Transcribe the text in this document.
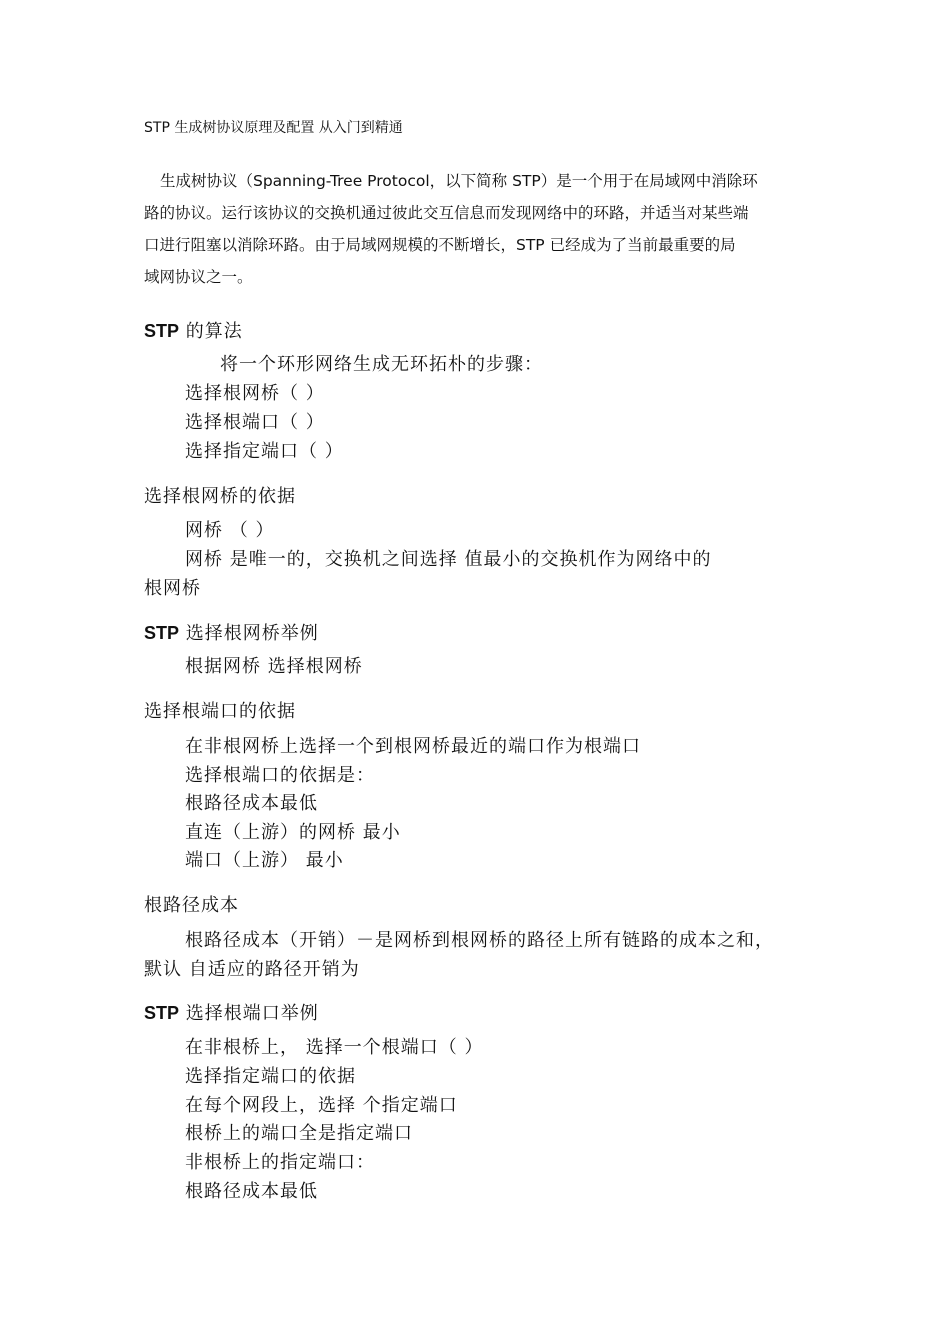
STP 生成树协议原理及配置 从入门到精通
生成树协议（Spanning-Tree Protocol，以下简称 STP）是一个用于在局域网中消除环
路的协议。运行该协议的交换机通过彼此交互信息而发现网络中的环路，并适当对某些端
口进行阻塞以消除环路。由于局域网规模的不断增长，STP 已经成为了当前最重要的局
域网协议之一。
STP 的算法
将一个环形网络生成无环拓朴的步骤：
选择根网桥（ ）
选择根端口（ ）
选择指定端口（ ）
选择根网桥的依据
网桥 （ ）
网桥 是唯一的，交换机之间选择 值最小的交换机作为网络中的
根网桥
STP 选择根网桥举例
根据网桥 选择根网桥
选择根端口的依据
在非根网桥上选择一个到根网桥最近的端口作为根端口
选择根端口的依据是：
根路径成本最低
直连（上游）的网桥 最小
端口（上游） 最小
根路径成本
根路径成本（开销）－是网桥到根网桥的路径上所有链路的成本之和，
默认 自适应的路径开销为
STP 选择根端口举例
在非根桥上， 选择一个根端口（ ）
选择指定端口的依据
在每个网段上，选择 个指定端口
根桥上的端口全是指定端口
非根桥上的指定端口：
根路径成本最低
